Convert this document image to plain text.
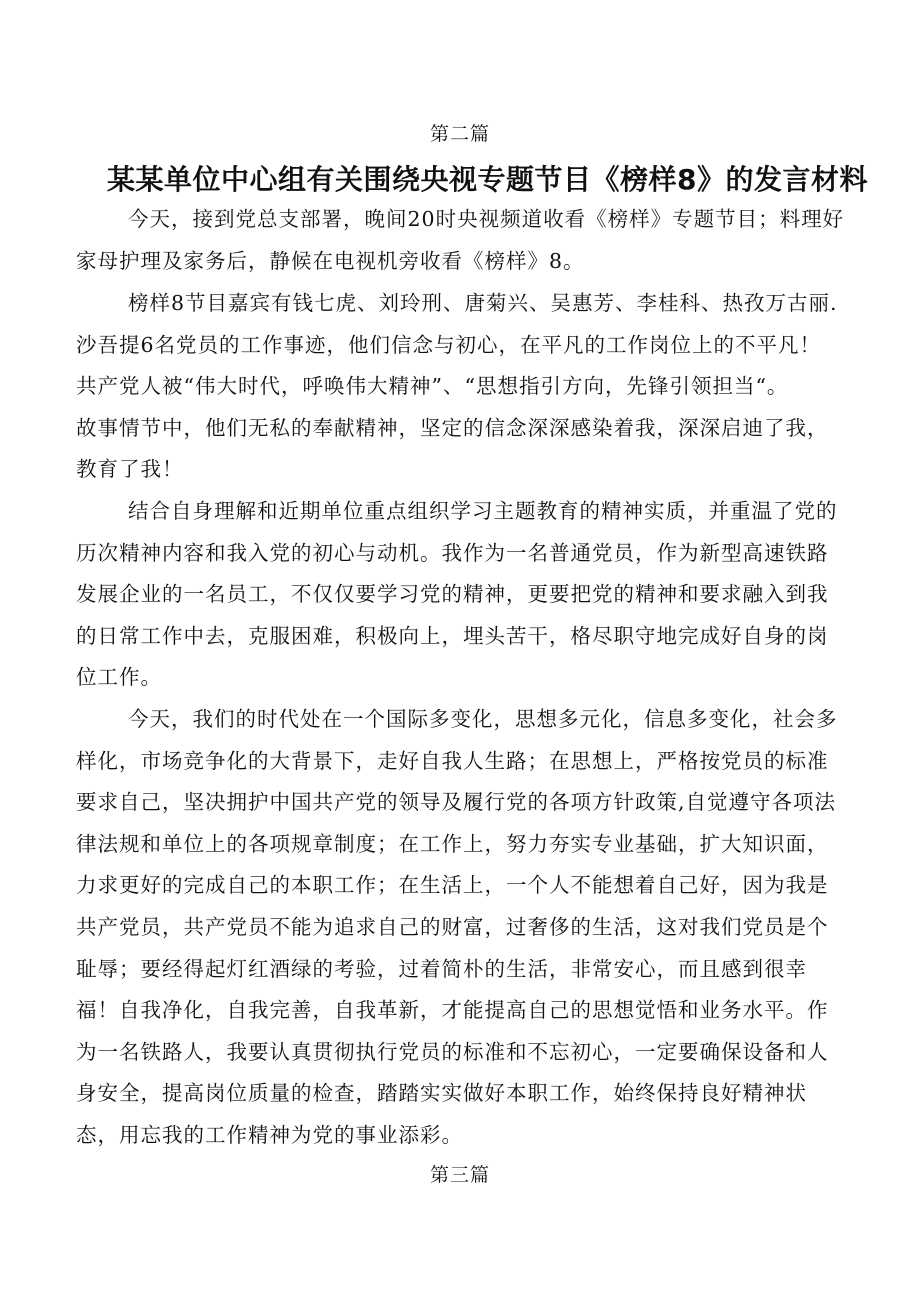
第二篇
某某单位中心组有关围绕央视专题节目《榜样8》的发言材料
今天，接到党总支部署，晚间20时央视频道收看《榜样》专题节目；料理好
家母护理及家务后，静候在电视机旁收看《榜样》8。
榜样8节目嘉宾有钱七虎、刘玲刑、唐菊兴、吴惠芳、李桂科、热孜万古丽.
沙吾提6名党员的工作事迹，他们信念与初心，在平凡的工作岗位上的不平凡！
共产党人被“伟大时代，呼唤伟大精神”、“思想指引方向，先锋引领担当“。
故事情节中，他们无私的奉献精神，坚定的信念深深感染着我，深深启迪了我，
教育了我！
结合自身理解和近期单位重点组织学习主题教育的精神实质，并重温了党的
历次精神内容和我入党的初心与动机。我作为一名普通党员，作为新型高速铁路
发展企业的一名员工，不仅仅要学习党的精神，更要把党的精神和要求融入到我
的日常工作中去，克服困难，积极向上，埋头苦干，格尽职守地完成好自身的岗
位工作。
今天，我们的时代处在一个国际多变化，思想多元化，信息多变化，社会多
样化，市场竞争化的大背景下，走好自我人生路；在思想上，严格按党员的标准
要求自己，坚决拥护中国共产党的领导及履行党的各项方针政策,自觉遵守各项法
律法规和单位上的各项规章制度；在工作上，努力夯实专业基础，扩大知识面，
力求更好的完成自己的本职工作；在生活上，一个人不能想着自己好，因为我是
共产党员，共产党员不能为追求自己的财富，过奢侈的生活，这对我们党员是个
耻辱；要经得起灯红酒绿的考验，过着简朴的生活，非常安心，而且感到很幸
福！自我净化，自我完善，自我革新，才能提高自己的思想觉悟和业务水平。作
为一名铁路人，我要认真贯彻执行党员的标准和不忘初心，一定要确保设备和人
身安全，提高岗位质量的检查，踏踏实实做好本职工作，始终保持良好精神状
态，用忘我的工作精神为党的事业添彩。
第三篇
